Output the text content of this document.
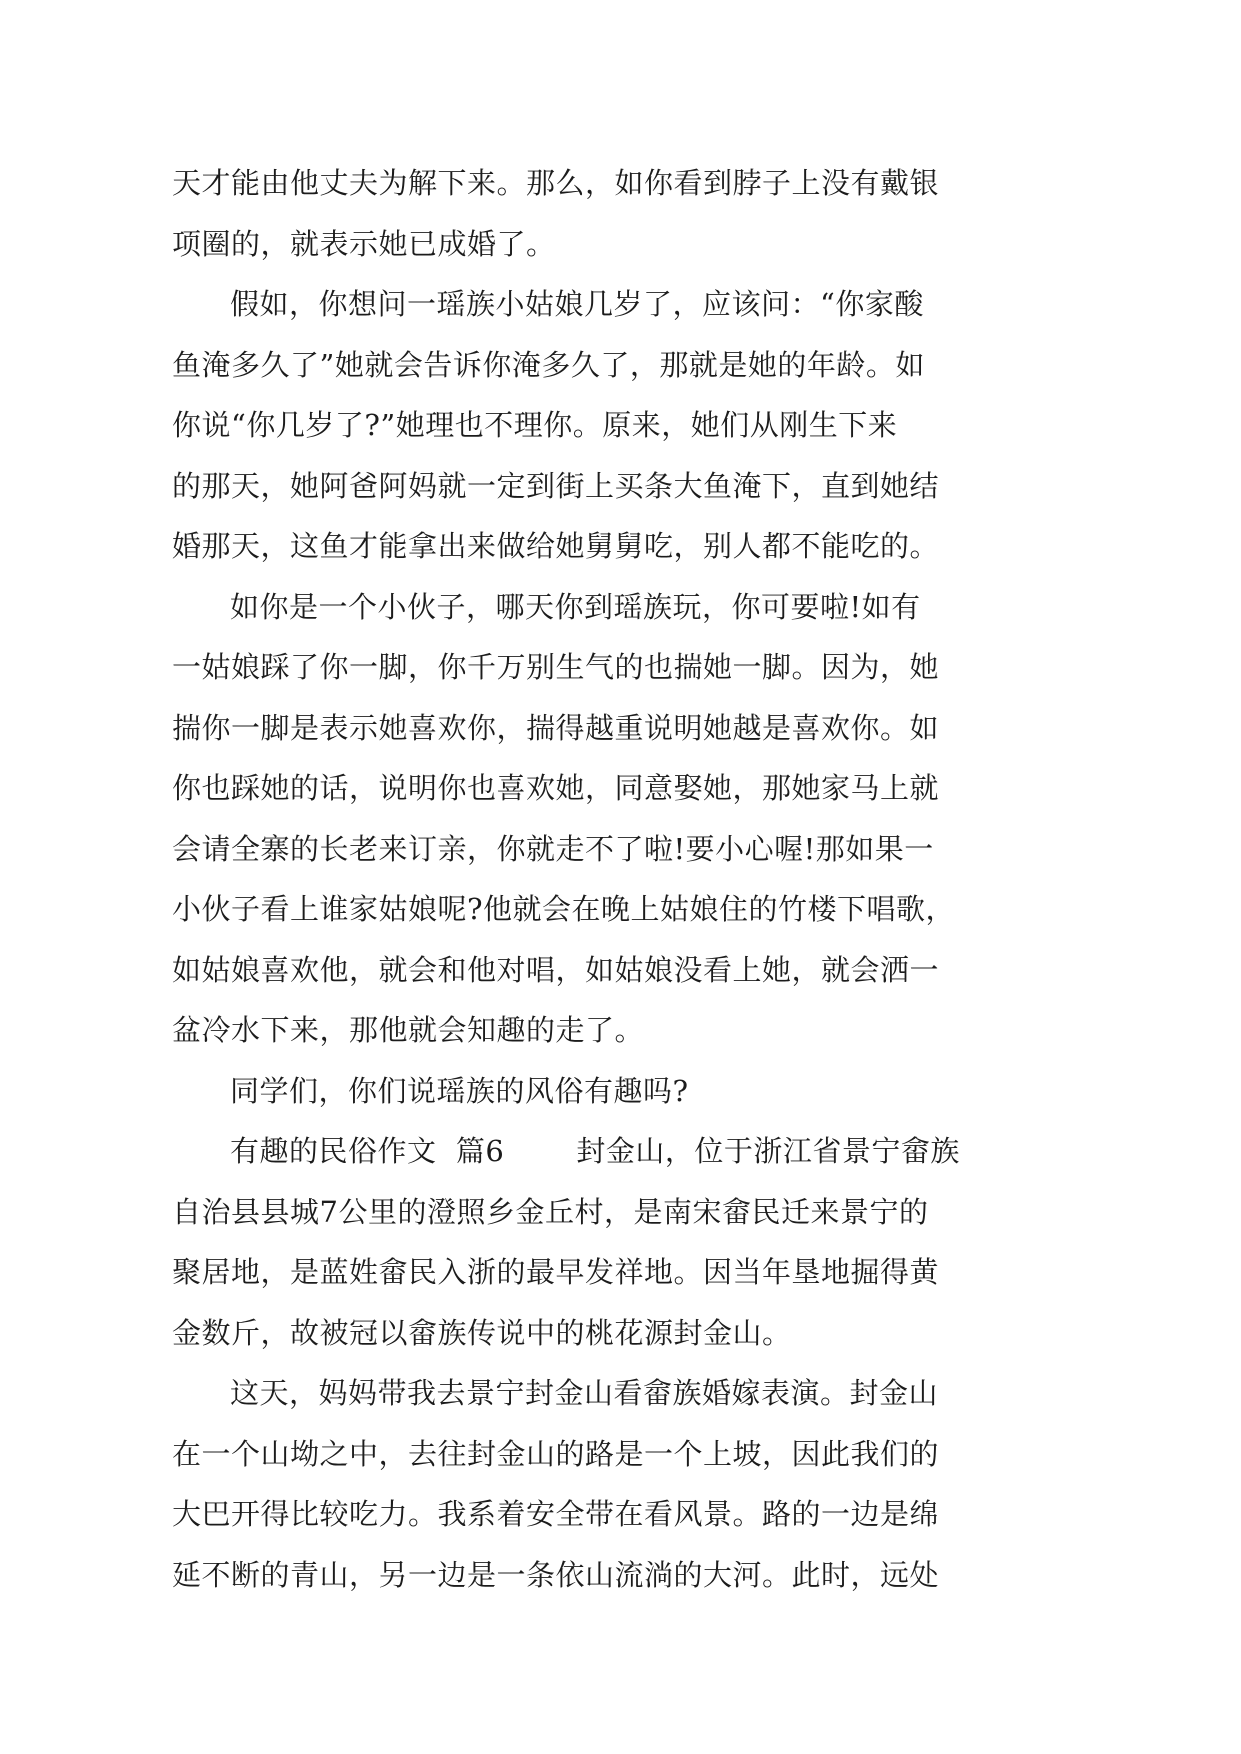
天才能由他丈夫为解下来。那么，如你看到脖子上没有戴银
项圈的，就表示她已成婚了。
假如，你想问一瑶族小姑娘几岁了，应该问：“你家酸
鱼淹多久了”她就会告诉你淹多久了，那就是她的年龄。如
你说“你几岁了?”她理也不理你。原来，她们从刚生下来
的那天，她阿爸阿妈就一定到街上买条大鱼淹下，直到她结
婚那天，这鱼才能拿出来做给她舅舅吃，别人都不能吃的。
如你是一个小伙子，哪天你到瑶族玩，你可要啦!如有
一姑娘踩了你一脚，你千万别生气的也揣她一脚。因为，她
揣你一脚是表示她喜欢你，揣得越重说明她越是喜欢你。如
你也踩她的话，说明你也喜欢她，同意娶她，那她家马上就
会请全寨的长老来订亲，你就走不了啦!要小心喔!那如果一
小伙子看上谁家姑娘呢?他就会在晚上姑娘住的竹楼下唱歌，
如姑娘喜欢他，就会和他对唱，如姑娘没看上她，就会洒一
盆冷水下来，那他就会知趣的走了。
同学们，你们说瑶族的风俗有趣吗?
有趣的民俗作文  篇6 封金山，位于浙江省景宁畲族
自治县县城7公里的澄照乡金丘村，是南宋畲民迁来景宁的
聚居地，是蓝姓畲民入浙的最早发祥地。因当年垦地掘得黄
金数斤，故被冠以畲族传说中的桃花源封金山。
这天，妈妈带我去景宁封金山看畲族婚嫁表演。封金山
在一个山坳之中，去往封金山的路是一个上坡，因此我们的
大巴开得比较吃力。我系着安全带在看风景。路的一边是绵
延不断的青山，另一边是一条依山流淌的大河。此时，远处
